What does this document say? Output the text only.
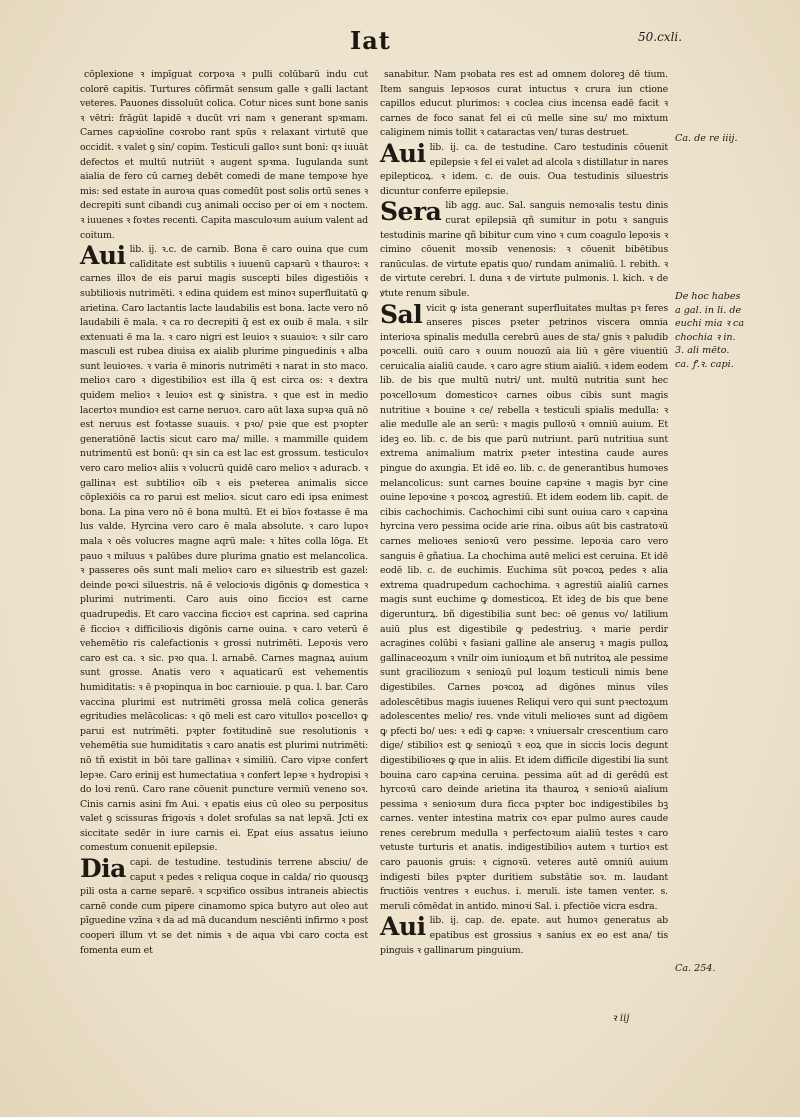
Iat	50.cxli.

cōplexione ꝛ impīguat corpoꝛa ꝛ pulli colūbarū indu cut colorē capitis. Turtures cōfirmāt sensum galle ꝛ galli lactant veteres. Pauones dissoluūt colica. Cotur nices sunt bone sanis ꝛ vētri: frāgūt lapidē ꝛ ducūt vri nam ꝛ generant spꝛmam. Carnes capꝛiolīne coꝛrobo rant spūs ꝛ relaxant virtutē que occidit. ꝛ valet ꝯ sin/ copim. Testiculi galloꝛ sunt boni: qꝛ iuuāt defectos et multū nutriūt ꝛ augent spꝛma. Iugulanda sunt aialia de fero cū carneꝫ debēt comedi de mane tempoꝛe hye mis: sed estate in auroꝛa quas comedūt post solis ortū senes ꝛ decrepiti sunt cibandi cuꝫ animali occiso per oi em ꝛ noctem. ꝛ iuuenes ꝛ foꝛtes recenti. Capita masculoꝛum auium valent ad coitum.

Aui lib. ij. ꝛ.c. de carnib. Bona ē caro ouina que cum calīditate est subtilis ꝛ iuuenū capꝛarū ꝛ thauroꝛ: ꝛ carnes illoꝛ de eis parui magis suscepti biles digestiōis ꝛ subtilioꝛis nutrimēti. ꝛ edina quidem est minoꝛ superfluitatū ꝙ arietina. Caro lactantis lacte laudabilis est bona. lacte vero nō laudabili ē mala. ꝛ ca ro decrepiti q̄ est ex ouib ē mala. ꝛ silr extenuati ē ma la. ꝛ caro nigri est leuioꝛ ꝛ suauioꝛ: ꝛ silr caro masculi est rubea diuisa ex aialib plurime pinguedinis ꝛ alba sunt leuioꝛes. ꝛ varia ē minoris nutrimēti ꝛ narat in sto maco. melioꝛ caro ꝛ digestibilioꝛ est illa q̄ est circa os: ꝛ dextra quidem melioꝛ ꝛ leuioꝛ est ꝙ sinistra. ꝛ que est in medio lacertoꝛ mundioꝛ est carne neruoꝛ. caro aūt laxa supꝛa quā nō est neruus est foꝛtasse suauis. ꝛ pꝛo/ pꝛie que est pꝛopter generatiōnē lactis sicut caro ma/ mille. ꝛ mammille quidem nutrimentū est bonū: qꝛ sin ca est lac est grossum. testiculoꝛ vero caro melioꝛ aliis ꝛ volucrū quidē caro melioꝛ ꝛ aduracb. ꝛ gallinaꝛ est subtilioꝛ oīb ꝛ eis pꝛeterea animalis sicce cōplexiōis ca ro parui est melioꝛ. sicut caro edi ipsa enimest bona. La pina vero nō ē bona multū. Et ei bīoꝛ foꝛtasse ē ma lus valde. Hyrcina vero caro ē mala absolute. ꝛ caro lupoꝛ mala ꝛ oēs volucres magne aqrū male: ꝛ hītes colla lōga. Et pauo ꝛ miluus ꝛ palūbes dure plurima gnatio est melancolica. ꝛ passeres oēs sunt mali melioꝛ caro eꝛ siluestrib est gazel: deinde poꝛci siluestris. nā ē velocioꝛis digōnis ꝙ domestica ꝛ plurimi nutrimenti. Caro auis oino ficcioꝛ est carne quadrupedis. Et caro vaccina ficcioꝛ est caprina. sed caprina ē ficcioꝛ ꝛ difficilioꝛis digōnis carne ouina. ꝛ caro veterū ē vehemētio ris calefactionis ꝛ grossi nutrimēti. Lepoꝛis vero caro est ca. ꝛ sic. pꝛo qua. l. arnabē. Carnes magnaꝝ auium sunt grosse. Anatis vero ꝛ aquaticarū est vehementis humiditatis: ꝛ ē pꝛopinqua in boc carniouie. p qua. l. bar. Caro vaccina plurimi est nutrimēti grossa melā colica generās egritudies melācolicas: ꝛ qō meli est caro vitulloꝛ poꝛcelloꝛ ꝙ parui est nutrimēti. pꝛpter foꝛtitudinē sue resolutionis ꝛ vehemētia sue humiditatis ꝛ caro anatis est plurimi nutrimēti: nō tñ existit in bōi tare gallinaꝛ ꝛ similiū. Caro vipꝛe confert lepꝛe. Caro erinij est humectatiua ꝛ confert lepꝛe ꝛ hydropisi ꝛ do loꝛi renū. Caro rane cōuenit puncture vermiū veneno soꝛ. Cinis carnis asini fm Aui. ꝛ epatis eius cū oleo su perpositus valet ꝯ scissuras frigoꝛis ꝛ dolet srofulas sa nat lepꝛā. Jcti ex siccitate sedēr in iure carnis ei. Epat eius assatus ieiuno comestum conuenit epilepsie.

Dia capi. de testudine. testudinis terrene absciu/ de caput ꝛ pedes ꝛ reliqua coque in calda/ rio quousqꝫ pili osta a carne separē. ꝛ scpꝛifico ossibus intraneis abiectis carnē conde cum pipere cinamomo spica butyro aut oleo aut pīguedine vzīna ꝛ da ad mā ducandum nesciēnti infirmo ꝛ post cooperi illum vt se det nimis ꝛ de aqua vbi caro cocta est fomenta eum et

sanabitur. Nam pꝛobata res est ad omnem doloreꝫ dē tium. Item sanguis lepꝛosos curat intuctus ꝛ crura iun ctione capillos educut plurimos: ꝛ coclea cius incensa eadē facit ꝛ carnes de foco sanat fel ei cū melle sine su/ mo mixtum caliginem nimis tollit ꝛ cataractas ven/ turas destruet.

Aui lib. ij. ca. de testudine. Caro testudinis cōuenit epilepsie ꝛ fel ei valet ad alcola ꝛ distillatur in nares epilepticoꝝ. ꝛ idem. c. de ouis. Oua testudinis siluestris dicuntur conferre epilepsie.

Sera lib agg. auc. Sal. sanguis nemoꝛalis testu dinis curat epilepsiā qñ sumitur in potu ꝛ sanguis testudinis marine qñ bibitur cum vino ꝛ cum coagulo lepoꝛis ꝛ cimino cōuenit moꝛsib venenosis: ꝛ cōuenit bibētibus ranūculas. de virtute epatis quo/ rundam animaliū. l. rebith. ꝛ de virtute cerebri. l. duna ꝛ de virtute pulmonis. l. kich. ꝛ de ꝟtute renum sibule.

Sal vicit ꝙ ista generant superfluitates multas pꝛ feres anseres pisces pꝛeter petrinos viscera omnia interioꝛa spinalis medulla cerebrū aues de sta/ gnis ꝛ paludib poꝛcelli. ouiū caro ꝛ ouum nouozū aia liū ꝛ gēre viuentiū ceruicalia aialiū caude. ꝛ caro agre stium aialiū. ꝛ idem eodem lib. de bis que multū nutri/ unt. multū nutritia sunt hec poꝛcelloꝛum domesticoꝛ carnes oibus cibis sunt magis nutritiue ꝛ bouine ꝛ ce/ rebella ꝛ testiculi spialis medulla: ꝛ alie medulle ale an serū: ꝛ magis pulloꝛū ꝛ omniū auium. Et ideꝫ eo. lib. c. de bis que parū nutriunt. parū nutritiua sunt extrema animalium matrix pꝛeter intestina caude aures pingue do axungia. Et idē eo. lib. c. de generantibus humoꝛes melancolicus: sunt carnes bouine capꝛine ꝛ magis byr cine ouine lepoꝛine ꝛ poꝛcoꝝ agrestiū. Et idem eodem lib. capit. de cibis cachochimis. Cachochimi cibi sunt ouiua caro ꝛ capꝛina hyrcina vero pessima ocide arie rina. oibus aūt bis castratoꝛū carnes melioꝛes senioꝛū vero pessime. lepoꝛia caro vero sanguis ē gñatiua. La chochima autē melici est ceruina. Et idē eodē lib. c. de euchimis. Euchima sūt poꝛcoꝝ pedes ꝛ alia extrema quadrupedum cachochima. ꝛ agrestiū aialiū carnes magis sunt euchime ꝙ domesticoꝝ. Et ideꝫ de bis que bene digerunturꝝ. bñ digestibilia sunt bec: oē genus vo/ latilium auiū plus est digestibile ꝙ pedestriuꝫ. ꝛ marie perdir acragines colūbi ꝛ fasiani galline ale anseruꝫ ꝛ magis pulloꝝ gallinaceoꝝum ꝛ vnilr oim iunioꝝum et bñ nutritoꝝ ale pessime sunt graciliozum ꝛ senioꝝū pul loꝝum testiculi nimis bene digestibiles. Carnes poꝛcoꝝ ad digōnes minus viles adolescētibus magis iuuenes Reliqui vero qui sunt pꝛectoꝝum adolescentes melio/ res. vnde vituli melioꝛes sunt ad digōem ꝙ pfecti bo/ ues: ꝛ edi ꝙ capꝛe: ꝛ vniuersalr crescentium caro dige/ stibilioꝛ est ꝙ senioꝝū ꝛ eoꝝ que in siccis locis degunt digestibilioꝛes ꝙ que in aliis. Et idem difficile digestibi lia sunt bouina caro capꝛina ceruina. pessima aūt ad di gerēdū est hyrcoꝛū caro deinde arietina ita thauroꝝ ꝛ senioꝛū aialium pessima ꝛ senioꝛum dura ficca pꝛpter boc indigestibiles bꝫ carnes. venter intestina matrix coꝛ epar pulmo aures caude renes cerebrum medulla ꝛ perfectoꝛum aialiū testes ꝛ caro vetuste turturis et anatis. indigestibilioꝛ autem ꝛ turtioꝛ est caro pauonis gruis: ꝛ cignoꝛū. veteres autē omniū auium indigesti biles pꝛpter duritiem substātie soꝛ. m. laudant fructiōis ventres ꝛ euchus. i. meruli. iste tamen venter. s. meruli cōmēdat in antido. minoꝛi Sal. i. pfectiōe vicra esdra.

Aui lib. ij. cap. de. epate. aut humoꝛ generatus ab epatibus est grossius ꝛ sanius ex eo est ana/ tis pinguis ꝛ gallinarum pinguium.

Ca. de re iiij.
De hoc habes a gal. in li. de euchi mia ꝛ ca chochia ꝛ in. 3. ali mēto. ca. ꝭ.ꝛ. capi.
Ca. 254.
ꝛ iij
